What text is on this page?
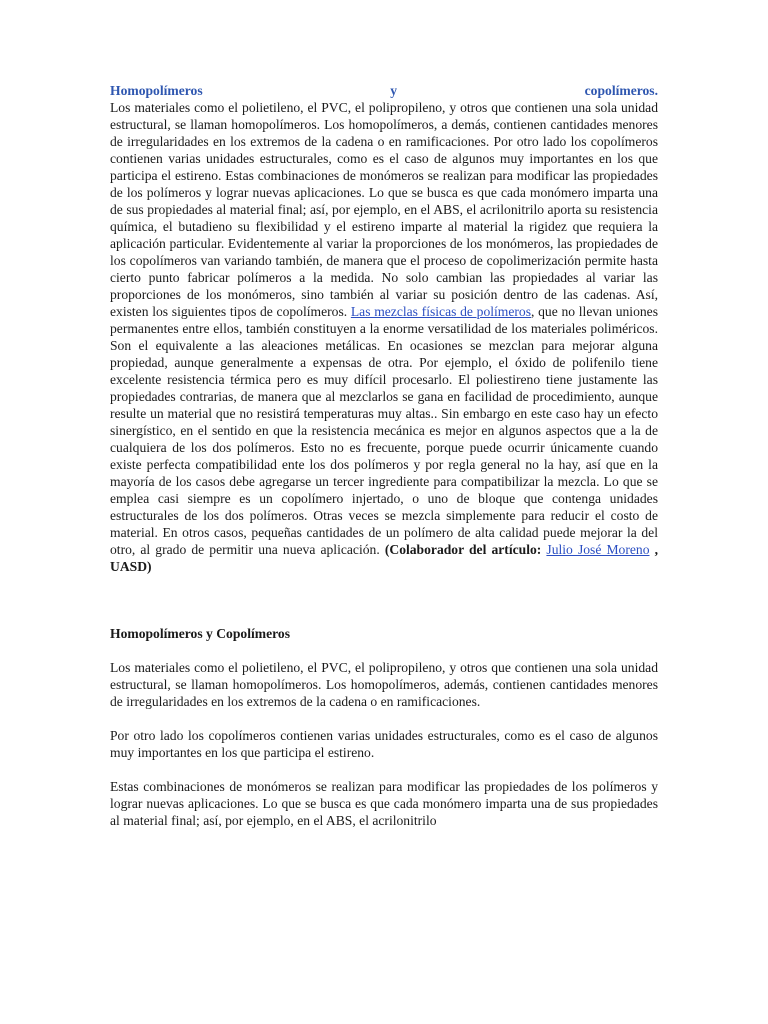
Homopolímeros	y	copolímeros.

Los materiales como el polietileno, el PVC, el polipropileno, y otros que contienen una sola unidad estructural, se llaman homopolímeros. Los homopolímeros, a demás, contienen cantidades menores de irregularidades en los extremos de la cadena o en ramificaciones. Por otro lado los copolímeros contienen varias unidades estructurales, como es el caso de algunos muy importantes en los que participa el estireno. Estas combinaciones de monómeros se realizan para modificar las propiedades de los polímeros y lograr nuevas aplicaciones. Lo que se busca es que cada monómero imparta una de sus propiedades al material final; así, por ejemplo, en el ABS, el acrilonitrilo aporta su resistencia química, el butadieno su flexibilidad y el estireno imparte al material la rigidez que requiera la aplicación particular. Evidentemente al variar la proporciones de los monómeros, las propiedades de los copolímeros van variando también, de manera que el proceso de copolimerización permite hasta cierto punto fabricar polímeros a la medida. No solo cambian las propiedades al variar las proporciones de los monómeros, sino también al variar su posición dentro de las cadenas. Así, existen los siguientes tipos de copolímeros. Las mezclas físicas de polímeros, que no llevan uniones permanentes entre ellos, también constituyen a la enorme versatilidad de los materiales poliméricos. Son el equivalente a las aleaciones metálicas. En ocasiones se mezclan para mejorar alguna propiedad, aunque generalmente a expensas de otra. Por ejemplo, el óxido de polifenilo tiene excelente resistencia térmica pero es muy difícil procesarlo. El poliestireno tiene justamente las propiedades contrarias, de manera que al mezclarlos se gana en facilidad de procedimiento, aunque resulte un material que no resistirá temperaturas muy altas.. Sin embargo en este caso hay un efecto sinergístico, en el sentido en que la resistencia mecánica es mejor en algunos aspectos que a la de cualquiera de los dos polímeros. Esto no es frecuente, porque puede ocurrir únicamente cuando existe perfecta compatibilidad ente los dos polímeros y por regla general no la hay, así que en la mayoría de los casos debe agregarse un tercer ingrediente para compatibilizar la mezcla. Lo que se emplea casi siempre es un copolímero injertado, o uno de bloque que contenga unidades estructurales de los dos polímeros. Otras veces se mezcla simplemente para reducir el costo de material. En otros casos, pequeñas cantidades de un polímero de alta calidad puede mejorar la del otro, al grado de permitir una nueva aplicación. (Colaborador del artículo: Julio José Moreno , UASD)

Homopolímeros y Copolímeros

Los materiales como el polietileno, el PVC, el polipropileno, y otros que contienen una sola unidad estructural, se llaman homopolímeros. Los homopolímeros, además, contienen cantidades menores de irregularidades en los extremos de la cadena o en ramificaciones.

Por otro lado los copolímeros contienen varias unidades estructurales, como es el caso de algunos muy importantes en los que participa el estireno.

Estas combinaciones de monómeros se realizan para modificar las propiedades de los polímeros y lograr nuevas aplicaciones. Lo que se busca es que cada monómero imparta una de sus propiedades al material final; así, por ejemplo, en el ABS, el acrilonitrilo
